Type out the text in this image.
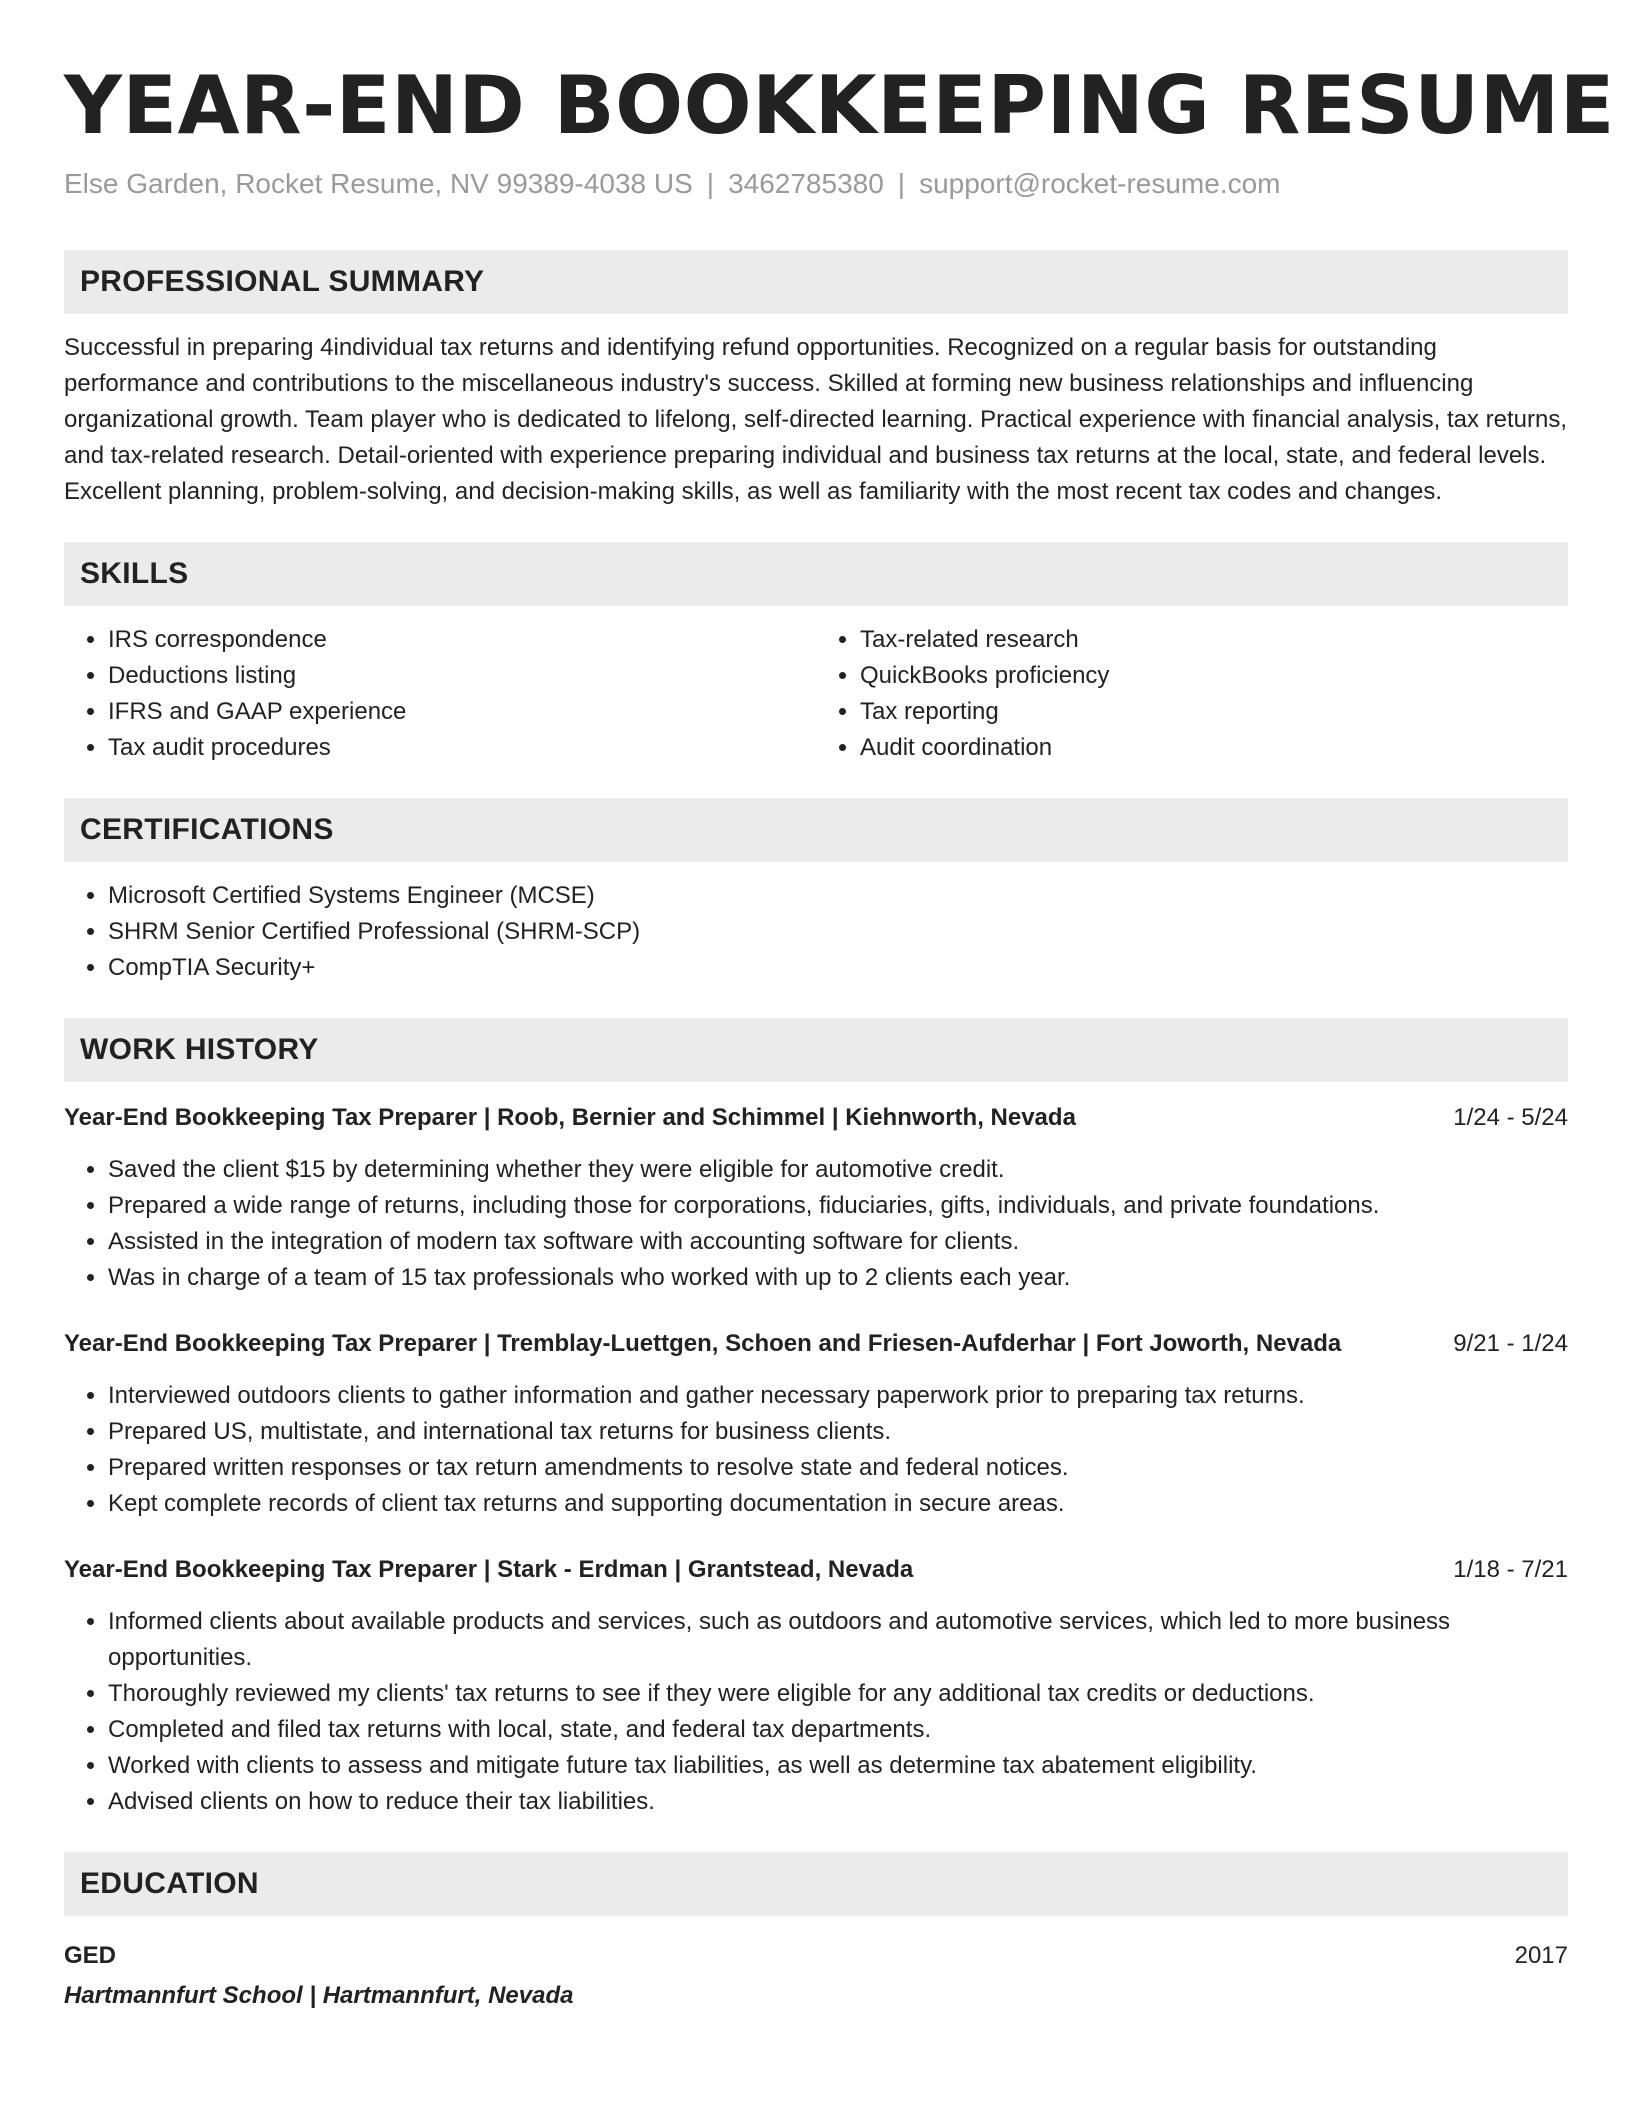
YEAR-END BOOKKEEPING RESUME
Else Garden, Rocket Resume, NV 99389-4038 US | 3462785380 | support@rocket-resume.com
PROFESSIONAL SUMMARY

Successful in preparing 4individual tax returns and identifying refund opportunities. Recognized on a regular basis for outstanding performance and contributions to the miscellaneous industry's success. Skilled at forming new business relationships and influencing organizational growth. Team player who is dedicated to lifelong, self-directed learning. Practical experience with financial analysis, tax returns, and tax-related research. Detail-oriented with experience preparing individual and business tax returns at the local, state, and federal levels. Excellent planning, problem-solving, and decision-making skills, as well as familiarity with the most recent tax codes and changes.

SKILLS
• IRS correspondence
• Deductions listing
• IFRS and GAAP experience
• Tax audit procedures
• Tax-related research
• QuickBooks proficiency
• Tax reporting
• Audit coordination
CERTIFICATIONS
• Microsoft Certified Systems Engineer (MCSE)
• SHRM Senior Certified Professional (SHRM-SCP)
• CompTIA Security+
WORK HISTORY
Year-End Bookkeeping Tax Preparer | Roob, Bernier and Schimmel | Kiehnworth, Nevada	1/24 - 5/24
• Saved the client $15 by determining whether they were eligible for automotive credit.
• Prepared a wide range of returns, including those for corporations, fiduciaries, gifts, individuals, and private foundations.
• Assisted in the integration of modern tax software with accounting software for clients.
• Was in charge of a team of 15 tax professionals who worked with up to 2 clients each year.
Year-End Bookkeeping Tax Preparer | Tremblay-Luettgen, Schoen and Friesen-Aufderhar | Fort Joworth, Nevada	9/21 - 1/24
• Interviewed outdoors clients to gather information and gather necessary paperwork prior to preparing tax returns.
• Prepared US, multistate, and international tax returns for business clients.
• Prepared written responses or tax return amendments to resolve state and federal notices.
• Kept complete records of client tax returns and supporting documentation in secure areas.
Year-End Bookkeeping Tax Preparer | Stark - Erdman | Grantstead, Nevada	1/18 - 7/21
• Informed clients about available products and services, such as outdoors and automotive services, which led to more business opportunities.
• Thoroughly reviewed my clients' tax returns to see if they were eligible for any additional tax credits or deductions.
• Completed and filed tax returns with local, state, and federal tax departments.
• Worked with clients to assess and mitigate future tax liabilities, as well as determine tax abatement eligibility.
• Advised clients on how to reduce their tax liabilities.
EDUCATION
GED	2017
Hartmannfurt School | Hartmannfurt, Nevada
